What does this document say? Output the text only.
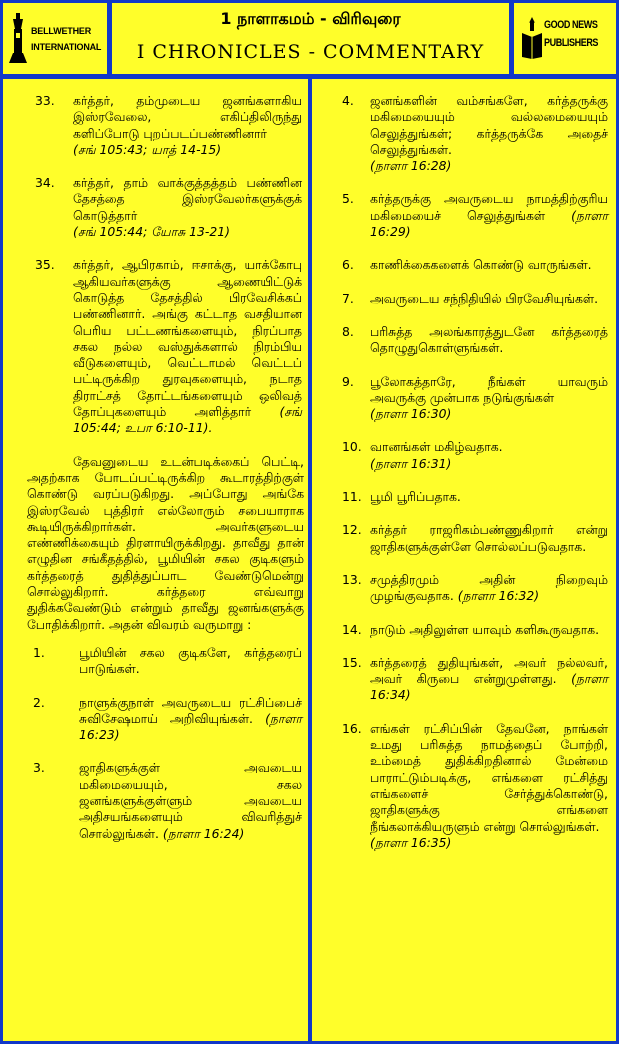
BELLWETHER
INTERNATIONAL
1 நாளாகமம் - விரிவுரை
I CHRONICLES - COMMENTARY
GOOD NEWS
PUBLISHERS
33.	கர்த்தர், தம்முடைய ஜனங்களாகிய இஸ்ரவேலை, எகிப்திலிருந்து களிப்போடு புறப்படப்பண்ணினார்
(சங் 105:43; யாத் 14-15)
34.	கர்த்தர், தாம் வாக்குத்தத்தம் பண்ணின தேசத்தை இஸ்ரவேலர்களுக்குக் கொடுத்தார்
(சங் 105:44; யோசு 13-21)
35.	கர்த்தர், ஆபிரகாம், ஈசாக்கு, யாக்கோபு ஆகியவர்களுக்கு ஆணையிட்டுக் கொடுத்த தேசத்தில் பிரவேசிக்கப் பண்ணினார். அங்கு கட்டாத வசதியான பெரிய பட்டணங்களையும், நிரப்பாத சகல நல்ல வஸ்துக்களால் நிரம்பிய வீடுகளையும், வெட்டாமல் வெட்டப் பட்டிருக்கிற துரவுகளையும், நடாத திராட்சத் தோட்டங்களையும் ஒலிவத் தோப்புகளையும் அளித்தார் (சங் 105:44; உபா 6:10-11).

தேவனுடைய உடன்படிக்கைப் பெட்டி, அதற்காக போடப்பட்டிருக்கிற கூடாரத்திற்குள் கொண்டு வரப்படுகிறது. அப்போது அங்கே இஸ்ரவேல் புத்திரர் எல்லோரும் சபையாராக கூடியிருக்கிறார்கள். அவர்களுடைய எண்ணிக்கையும் திரளாயிருக்கிறது. தாவீது தான் எழுதின சங்கீதத்தில், பூமியின் சகல குடிகளும் கர்த்தரைத் துதித்துப்பாட வேண்டுமென்று சொல்லுகிறார். கர்த்தரை எவ்வாறு துதிக்கவேண்டும் என்றும் தாவீது ஜனங்களுக்கு போதிக்கிறார். அதன் விவரம் வருமாறு :

1.	பூமியின் சகல குடிகளே, கர்த்தரைப் பாடுங்கள்.
2.	நாளுக்குநாள் அவருடைய ரட்சிப்பைச் சுவிசேஷமாய் அறிவியுங்கள். (நாளா 16:23)
3.	ஜாதிகளுக்குள் அவடைய மகிமையையும், சகல ஜனங்களுக்குள்ளும் அவடைய அதிசயங்களையும் விவரித்துச் சொல்லுங்கள். (நாளா 16:24)
4.	ஜனங்களின் வம்சங்களே, கர்த்தருக்கு மகிமையையும் வல்லமையையும் செலுத்துங்கள்; கர்த்தருக்கே அதைச் செலுத்துங்கள்.
(நாளா 16:28)
5.	கர்த்தருக்கு அவருடைய நாமத்திற்குரிய மகிமையைச் செலுத்துங்கள் (நாளா 16:29)
6.	காணிக்கைகளைக் கொண்டு வாருங்கள்.
7.	அவருடைய சந்நிதியில் பிரவேசியுங்கள்.
8.	பரிசுத்த அலங்காரத்துடனே கர்த்தரைத் தொழுதுகொள்ளுங்கள்.
9.	பூலோகத்தாரே, நீங்கள் யாவரும் அவருக்கு முன்பாக நடுங்குங்கள்
(நாளா 16:30)
10. வானங்கள் மகிழ்வதாக.
(நாளா 16:31)
11. பூமி பூரிப்பதாக.
12. கர்த்தர் ராஜரிகம்பண்ணுகிறார் என்று ஜாதிகளுக்குள்ளே சொல்லப்படுவதாக.
13. சமுத்திரமும் அதின் நிறைவும் முழங்குவதாக. (நாளா 16:32)
14. நாடும் அதிலுள்ள யாவும் களிகூருவதாக.
15. கர்த்தரைத் துதியுங்கள், அவர் நல்லவர், அவர் கிருபை என்றுமுள்ளது. (நாளா 16:34)
16. எங்கள் ரட்சிப்பின் தேவனே, நாங்கள் உமது பரிசுத்த நாமத்தைப் போற்றி, உம்மைத் துதிக்கிறதினால் மேன்மை பாராட்டும்படிக்கு, எங்களை ரட்சித்து எங்களைச் சேர்த்துக்கொண்டு, ஜாதிகளுக்கு எங்களை நீங்கலாக்கியருளும் என்று சொல்லுங்கள்.
(நாளா 16:35)
